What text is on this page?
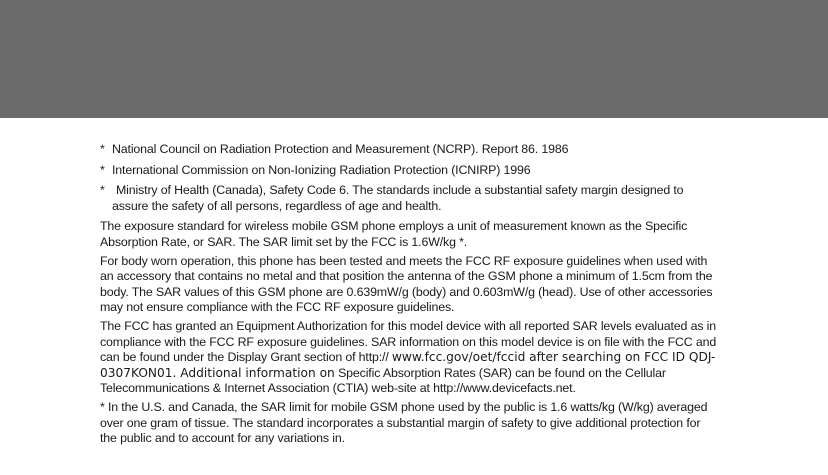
* National Council on Radiation Protection and Measurement (NCRP). Report 86. 1986
* International Commission on Non-Ionizing Radiation Protection (ICNIRP) 1996
* Ministry of Health (Canada), Safety Code 6. The standards include a substantial safety margin designed to assure the safety of all persons, regardless of age and health.

The exposure standard for wireless mobile GSM phone employs a unit of measurement known as the Specific Absorption Rate, or SAR. The SAR limit set by the FCC is 1.6W/kg *.

For body worn operation, this phone has been tested and meets the FCC RF exposure guidelines when used with an accessory that contains no metal and that position the antenna of the GSM phone a minimum of 1.5cm from the body. The SAR values of this GSM phone are 0.639mW/g (body) and 0.603mW/g (head). Use of other accessories may not ensure compliance with the FCC RF exposure guidelines.

The FCC has granted an Equipment Authorization for this model device with all reported SAR levels evaluated as in compliance with the FCC RF exposure guidelines. SAR information on this model device is on file with the FCC and can be found under the Display Grant section of http:// www.fcc.gov/oet/fccid after searching on FCC ID QDJ-0307KON01. Additional information on Specific Absorption Rates (SAR) can be found on the Cellular Telecommunications & Internet Association (CTIA) web-site at http://www.devicefacts.net.

* In the U.S. and Canada, the SAR limit for mobile GSM phone used by the public is 1.6 watts/kg (W/kg) averaged over one gram of tissue. The standard incorporates a substantial margin of safety to give additional protection for the public and to account for any variations in.
